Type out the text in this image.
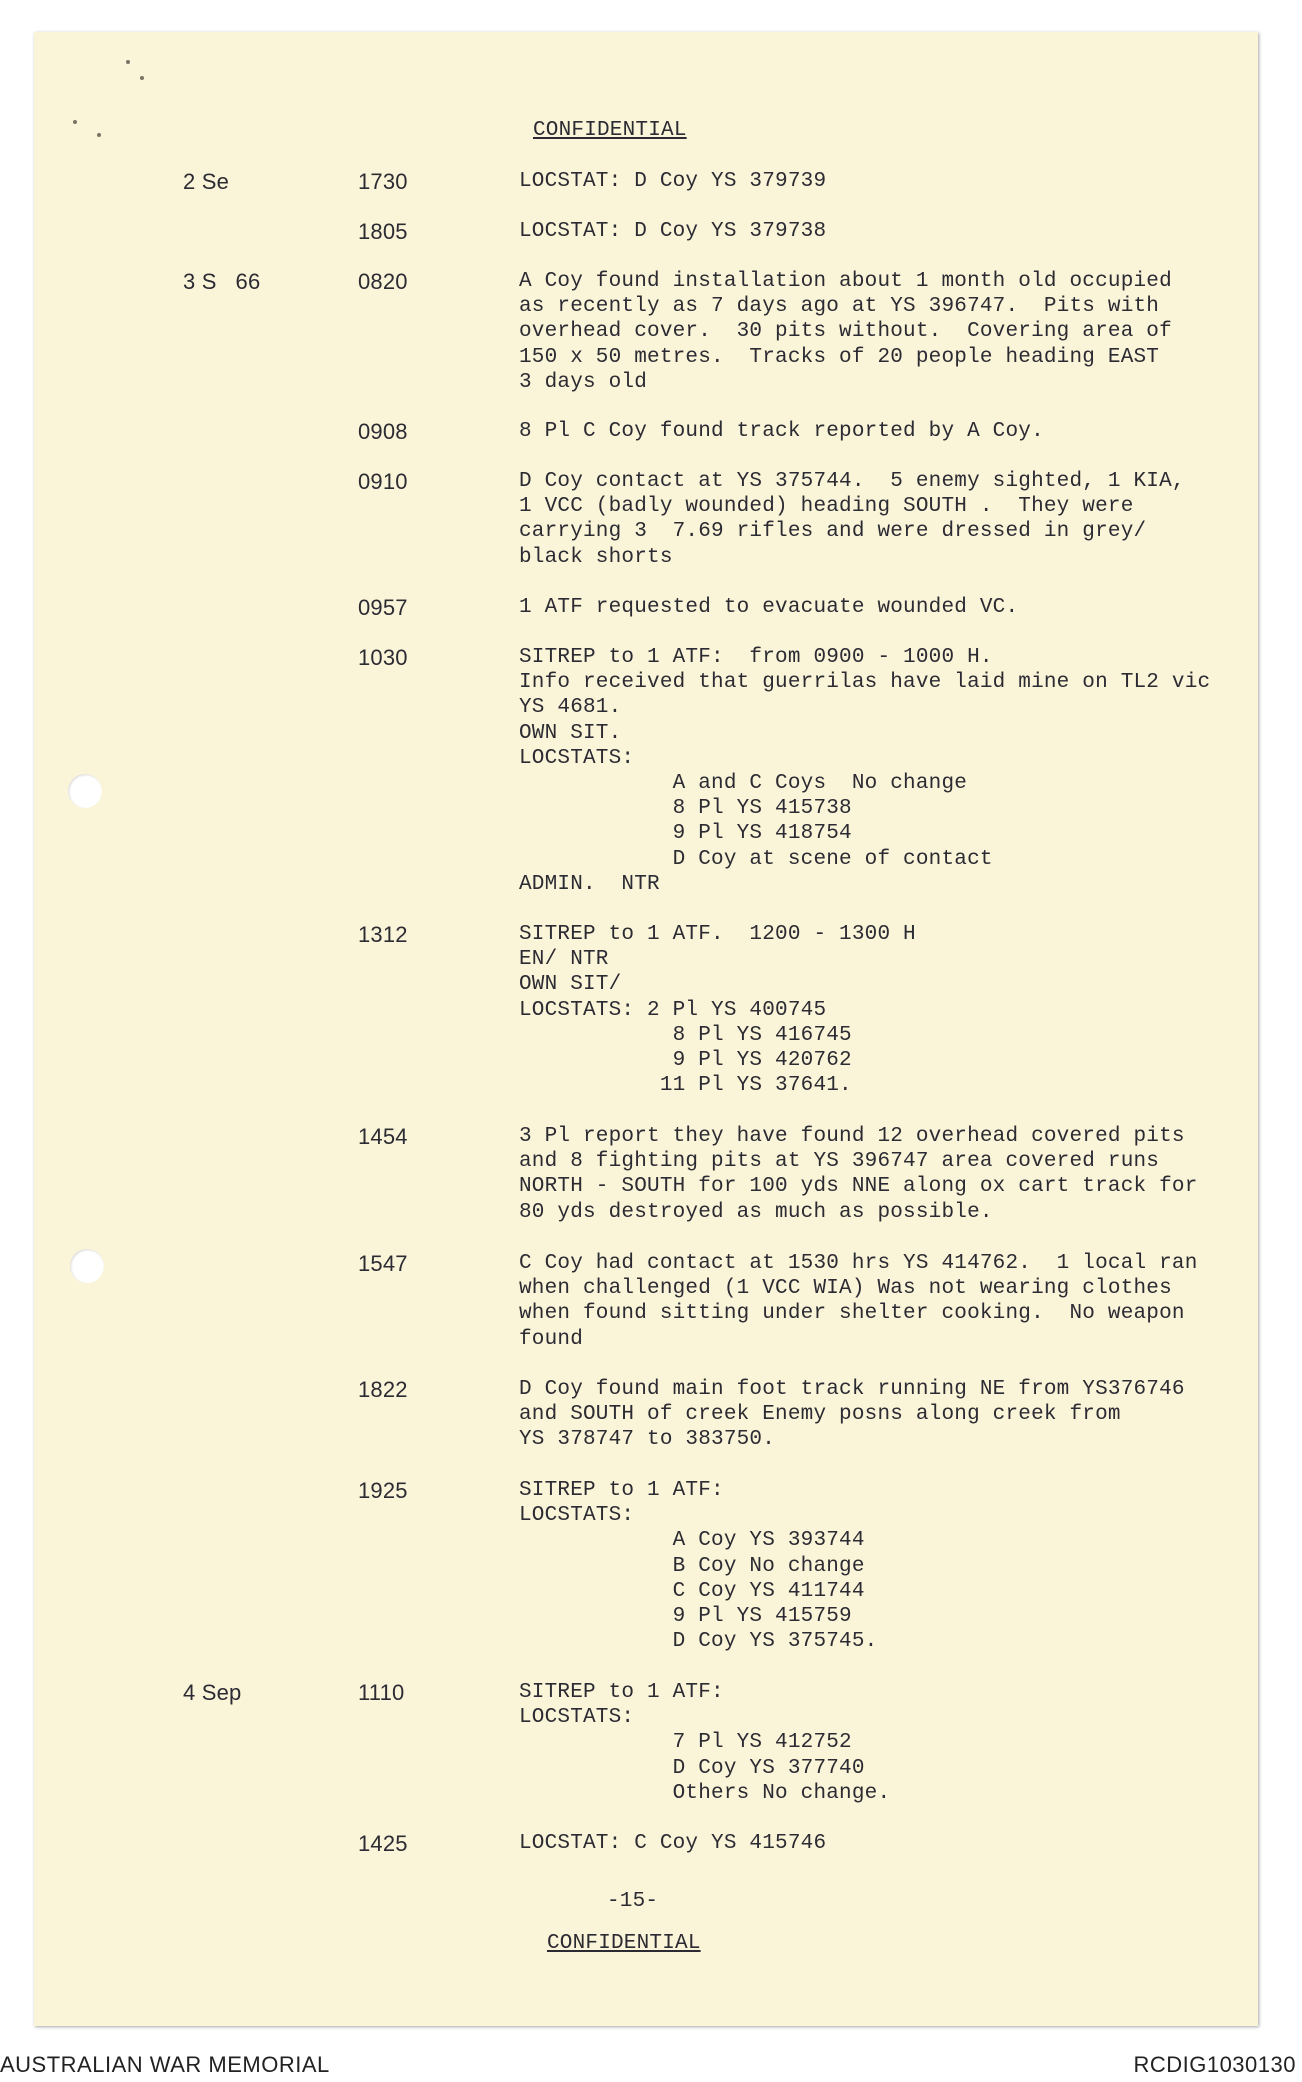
CONFIDENTIAL
2 Se	1730	LOCSTAT: D Coy YS 379739
1805	LOCSTAT: D Coy YS 379738
3 S   66	0820	A Coy found installation about 1 month old occupied
as recently as 7 days ago at YS 396747.  Pits with
overhead cover.  30 pits without.  Covering area of
150 x 50 metres.  Tracks of 20 people heading EAST
3 days old
0908	8 Pl C Coy found track reported by A Coy.
0910	D Coy contact at YS 375744.  5 enemy sighted, 1 KIA,
1 VCC (badly wounded) heading SOUTH .  They were
carrying 3  7.69 rifles and were dressed in grey/
black shorts
0957	1 ATF requested to evacuate wounded VC.
1030	SITREP to 1 ATF:  from 0900 - 1000 H.
Info received that guerrilas have laid mine on TL2 vic
YS 4681.
OWN SIT.
LOCSTATS:
A and C Coys  No change
8 Pl YS 415738
9 Pl YS 418754
D Coy at scene of contact
ADMIN.  NTR
1312	SITREP to 1 ATF.  1200 - 1300 H
EN/ NTR
OWN SIT/
LOCSTATS: 2 Pl YS 400745
8 Pl YS 416745
9 Pl YS 420762
11 Pl YS 37641.
1454	3 Pl report they have found 12 overhead covered pits
and 8 fighting pits at YS 396747 area covered runs
NORTH - SOUTH for 100 yds NNE along ox cart track for
80 yds destroyed as much as possible.
1547	C Coy had contact at 1530 hrs YS 414762.  1 local ran
when challenged (1 VCC WIA) Was not wearing clothes
when found sitting under shelter cooking.  No weapon
found
1822	D Coy found main foot track running NE from YS376746
and SOUTH of creek Enemy posns along creek from
YS 378747 to 383750.
1925	SITREP to 1 ATF:
LOCSTATS:
A Coy YS 393744
B Coy No change
C Coy YS 411744
9 Pl YS 415759
D Coy YS 375745.
4 Sep	1110	SITREP to 1 ATF:
LOCSTATS:
7 Pl YS 412752
D Coy YS 377740
Others No change.
1425	LOCSTAT: C Coy YS 415746
-15-
CONFIDENTIAL
AUSTRALIAN WAR MEMORIAL	RCDIG1030130
